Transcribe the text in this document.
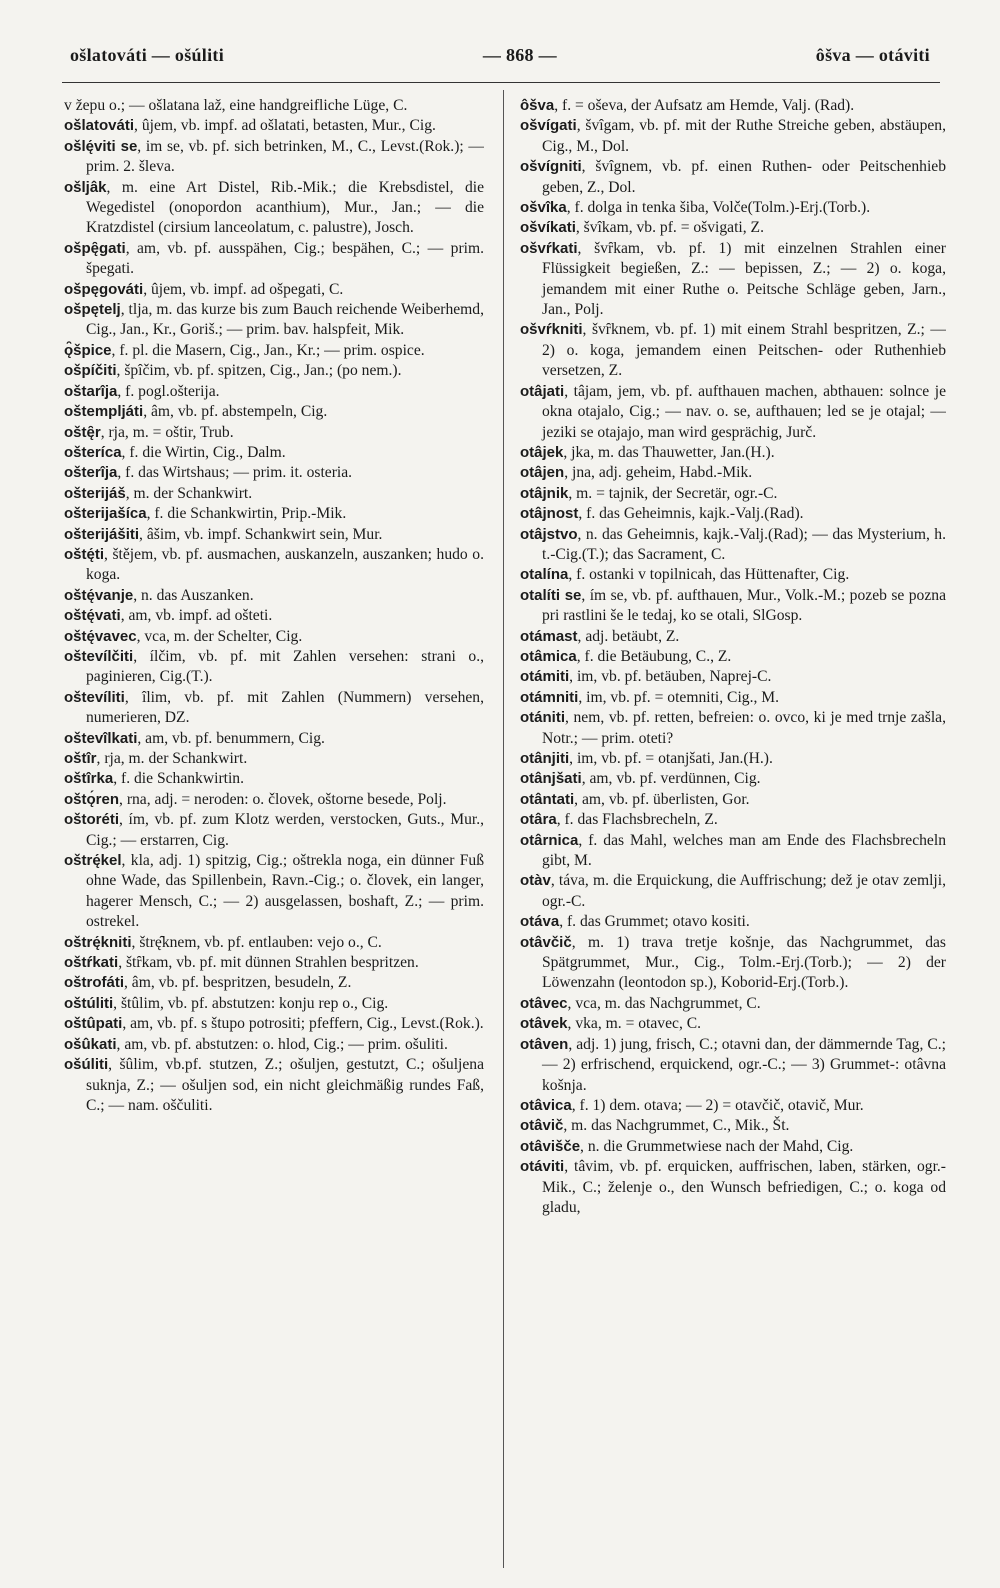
ošlatováti — ošúliti	— 868 —	ôšva — otáviti

v žepu o.; — ošlatana laž, eine handgreifliche Lüge, C.

ošlatováti, ûjem, vb. impf. ad ošlatati, betasten, Mur., Cig.

ošlę́viti se, im se, vb. pf. sich betrinken, M., C., Levst.(Rok.); — prim. 2. šleva.

ošljâk, m. eine Art Distel, Rib.-Mik.; die Krebsdistel, die Wegedistel (onopordon acanthium), Mur., Jan.; — die Kratzdistel (cirsium lanceolatum, c. palustre), Josch.

ošpę̑gati, am, vb. pf. ausspähen, Cig.; bespähen, C.; — prim. špegati.

ošpęgováti, ûjem, vb. impf. ad ošpegati, C.

ošpętelj, tlja, m. das kurze bis zum Bauch reichende Weiberhemd, Cig., Jan., Kr., Goriš.; — prim. bav. halspfeit, Mik.

ǫ̑špice, f. pl. die Masern, Cig., Jan., Kr.; — prim. ospice.

ošpíčiti, špîčim, vb. pf. spitzen, Cig., Jan.; (po nem.).

oštarîja, f. pogl.ošterija.

oštempljáti, âm, vb. pf. abstempeln, Cig.

oštę̑r, rja, m. = oštir, Trub.

ošteríca, f. die Wirtin, Cig., Dalm.

ošterîja, f. das Wirtshaus; — prim. it. osteria.

ošterijáš, m. der Schankwirt.

ošterijašíca, f. die Schankwirtin, Prip.-Mik.

ošterijášiti, âšim, vb. impf. Schankwirt sein, Mur.

oštę́ti, štějem, vb. pf. ausmachen, auskanzeln, auszanken; hudo o. koga.

oštę́vanje, n. das Auszanken.

oštę́vati, am, vb. impf. ad ošteti.

oštę́vavec, vca, m. der Schelter, Cig.

oštevílčiti, ílčim, vb. pf. mit Zahlen versehen: strani o., paginieren, Cig.(T.).

oštevíliti, îlim, vb. pf. mit Zahlen (Nummern) versehen, numerieren, DZ.

oštevîlkati, am, vb. pf. benummern, Cig.

oštîr, rja, m. der Schankwirt.

oštîrka, f. die Schankwirtin.

oštǫ́ren, rna, adj. = neroden: o. človek, oštorne besede, Polj.

oštoréti, ím, vb. pf. zum Klotz werden, verstocken, Guts., Mur., Cig.; — erstarren, Cig.

oštrę́kel, kla, adj. 1) spitzig, Cig.; oštrekla noga, ein dünner Fuß ohne Wade, das Spillenbein, Ravn.-Cig.; o. človek, ein langer, hagerer Mensch, C.; — 2) ausgelassen, boshaft, Z.; — prim. ostrekel.

oštrę́kniti, štrę̑knem, vb. pf. entlauben: vejo o., C.

oštŕkati, štȓkam, vb. pf. mit dünnen Strahlen bespritzen.

oštrofáti, âm, vb. pf. bespritzen, besudeln, Z.

oštúliti, štûlim, vb. pf. abstutzen: konju rep o., Cig.

oštûpati, am, vb. pf. s štupo potrositi; pfeffern, Cig., Levst.(Rok.).

ošûkati, am, vb. pf. abstutzen: o. hlod, Cig.; — prim. ošuliti.

ošúliti, šûlim, vb.pf. stutzen, Z.; ošuljen, gestutzt, C.; ošuljena suknja, Z.; — ošuljen sod, ein nicht gleichmäßig rundes Faß, C.; — nam. oščuliti.

ôšva, f. = oševa, der Aufsatz am Hemde, Valj. (Rad).

ošvígati, švîgam, vb. pf. mit der Ruthe Streiche geben, abstäupen, Cig., M., Dol.

ošvígniti, švîgnem, vb. pf. einen Ruthen- oder Peitschenhieb geben, Z., Dol.

ošvîka, f. dolga in tenka šiba, Volče(Tolm.)-Erj.(Torb.).

ošvíkati, švîkam, vb. pf. = ošvigati, Z.

ošvŕkati, švȓkam, vb. pf. 1) mit einzelnen Strahlen einer Flüssigkeit begießen, Z.: — bepissen, Z.; — 2) o. koga, jemandem mit einer Ruthe o. Peitsche Schläge geben, Jarn., Jan., Polj.

ošvŕkniti, švȓknem, vb. pf. 1) mit einem Strahl bespritzen, Z.; — 2) o. koga, jemandem einen Peitschen- oder Ruthenhieb versetzen, Z.

otâjati, tâjam, jem, vb. pf. aufthauen machen, abthauen: solnce je okna otajalo, Cig.; — nav. o. se, aufthauen; led se je otajal; — jeziki se otajajo, man wird gesprächig, Jurč.

otâjek, jka, m. das Thauwetter, Jan.(H.).

otâjen, jna, adj. geheim, Habd.-Mik.

otâjnik, m. = tajnik, der Secretär, ogr.-C.

otâjnost, f. das Geheimnis, kajk.-Valj.(Rad).

otâjstvo, n. das Geheimnis, kajk.-Valj.(Rad); — das Mysterium, h. t.-Cig.(T.); das Sacrament, C.

otalína, f. ostanki v topilnicah, das Hüttenafter, Cig.

otalíti se, ím se, vb. pf. aufthauen, Mur., Volk.-M.; pozeb se pozna pri rastlini še le tedaj, ko se otali, SlGosp.

otámast, adj. betäubt, Z.

otâmica, f. die Betäubung, C., Z.

otámiti, im, vb. pf. betäuben, Naprej-C.

otámniti, im, vb. pf. = otemniti, Cig., M.

otániti, nem, vb. pf. retten, befreien: o. ovco, ki je med trnje zašla, Notr.; — prim. oteti?

otânjiti, im, vb. pf. = otanjšati, Jan.(H.).

otânjšati, am, vb. pf. verdünnen, Cig.

otântati, am, vb. pf. überlisten, Gor.

otâra, f. das Flachsbrecheln, Z.

otârnica, f. das Mahl, welches man am Ende des Flachsbrecheln gibt, M.

otàv, táva, m. die Erquickung, die Auffrischung; dež je otav zemlji, ogr.-C.

otáva, f. das Grummet; otavo kositi.

otâvčič, m. 1) trava tretje košnje, das Nachgrummet, das Spätgrummet, Mur., Cig., Tolm.-Erj.(Torb.); — 2) der Löwenzahn (leontodon sp.), Koborid-Erj.(Torb.).

otâvec, vca, m. das Nachgrummet, C.

otâvek, vka, m. = otavec, C.

otâven, adj. 1) jung, frisch, C.; otavni dan, der dämmernde Tag, C.; — 2) erfrischend, erquickend, ogr.-C.; — 3) Grummet-: otâvna košnja.

otâvica, f. 1) dem. otava; — 2) = otavčič, otavič, Mur.

otâvič, m. das Nachgrummet, C., Mik., Št.

otâvišče, n. die Grummetwiese nach der Mahd, Cig.

otáviti, tâvim, vb. pf. erquicken, auffrischen, laben, stärken, ogr.-Mik., C.; želenje o., den Wunsch befriedigen, C.; o. koga od gladu,
